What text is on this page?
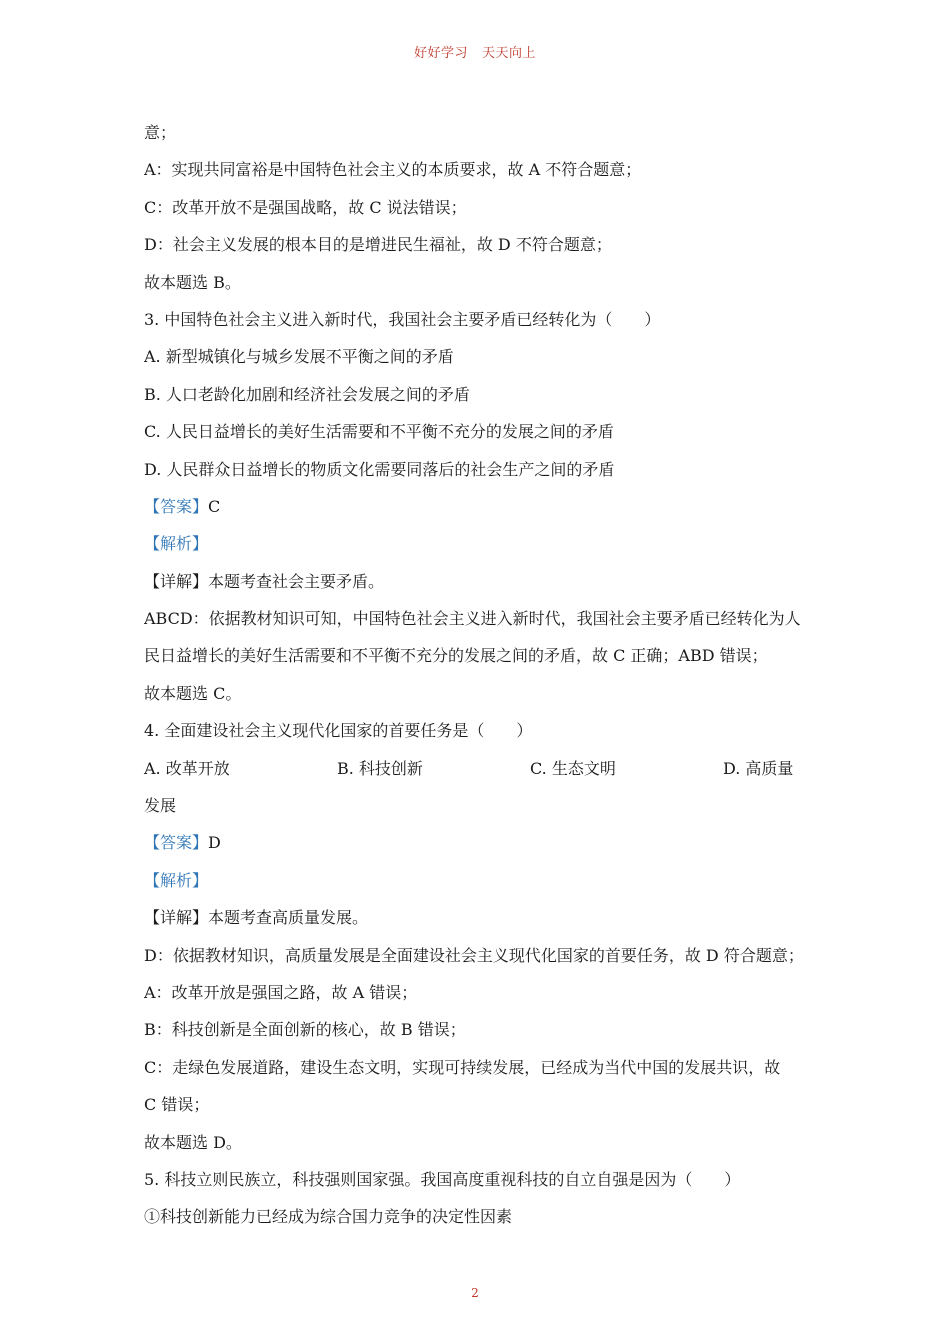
好好学习 天天向上
意；
A：实现共同富裕是中国特色社会主义的本质要求，故 A 不符合题意；
C：改革开放不是强国战略，故 C 说法错误；
D：社会主义发展的根本目的是增进民生福祉，故 D 不符合题意；
故本题选 B。
3. 中国特色社会主义进入新时代，我国社会主要矛盾已经转化为（　　）
A. 新型城镇化与城乡发展不平衡之间的矛盾
B. 人口老龄化加剧和经济社会发展之间的矛盾
C. 人民日益增长的美好生活需要和不平衡不充分的发展之间的矛盾
D. 人民群众日益增长的物质文化需要同落后的社会生产之间的矛盾
【答案】C
【解析】
【详解】本题考查社会主要矛盾。
ABCD：依据教材知识可知，中国特色社会主义进入新时代，我国社会主要矛盾已经转化为人
民日益增长的美好生活需要和不平衡不充分的发展之间的矛盾，故 C 正确；ABD 错误；
故本题选 C。
4. 全面建设社会主义现代化国家的首要任务是（　　）
A. 改革开放	B. 科技创新	C. 生态文明	D. 高质量
发展
【答案】D
【解析】
【详解】本题考查高质量发展。
D：依据教材知识，高质量发展是全面建设社会主义现代化国家的首要任务，故 D 符合题意；
A：改革开放是强国之路，故 A 错误；
B：科技创新是全面创新的核心，故 B 错误；
C：走绿色发展道路，建设生态文明，实现可持续发展，已经成为当代中国的发展共识，故
C 错误；
故本题选 D。
5. 科技立则民族立，科技强则国家强。我国高度重视科技的自立自强是因为（　　）
①科技创新能力已经成为综合国力竞争的决定性因素
2
